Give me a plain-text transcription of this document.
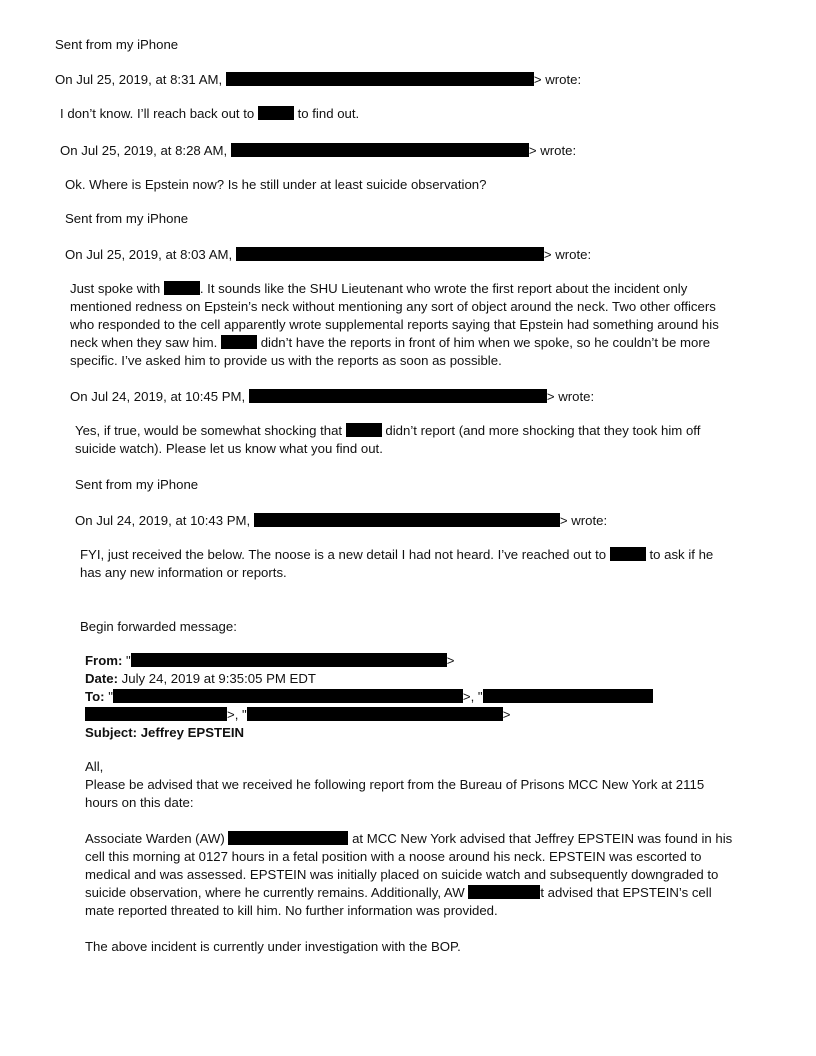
Sent from my iPhone

On Jul 25, 2019, at 8:31 AM,	> wrote:

I don’t know. I’ll reach back out to	to find out.

On Jul 25, 2019, at 8:28 AM,	> wrote:

Ok. Where is Epstein now? Is he still under at least suicide observation?

Sent from my iPhone

On Jul 25, 2019, at 8:03 AM,	> wrote:

Just spoke with	. It sounds like the SHU Lieutenant who wrote the first report about the incident only

mentioned redness on Epstein’s neck without mentioning any sort of object around the neck. Two other officers

who responded to the cell apparently wrote supplemental reports saying that Epstein had something around his

neck when they saw him.	didn’t have the reports in front of him when we spoke, so he couldn’t be more

specific. I’ve asked him to provide us with the reports as soon as possible.

On Jul 24, 2019, at 10:45 PM,	> wrote:

Yes, if true, would be somewhat shocking that	didn’t report (and more shocking that they took him off

suicide watch). Please let us know what you find out.

Sent from my iPhone

On Jul 24, 2019, at 10:43 PM,	> wrote:

FYI, just received the below. The noose is a new detail I had not heard. I’ve reached out to	to ask if he

has any new information or reports.

Begin forwarded message:

From: "	>

Date: July 24, 2019 at 9:35:05 PM EDT

To: "	>, "

>, "	>

Subject: Jeffrey EPSTEIN

All,

Please be advised that we received he following report from the Bureau of Prisons MCC New York at 2115

hours on this date:

Associate Warden (AW)	at MCC New York advised that Jeffrey EPSTEIN was found in his

cell this morning at 0127 hours in a fetal position with a noose around his neck. EPSTEIN was escorted to

medical and was assessed. EPSTEIN was initially placed on suicide watch and subsequently downgraded to

suicide observation, where he currently remains. Additionally, AW	t advised that EPSTEIN’s cell

mate reported threated to kill him. No further information was provided.

The above incident is currently under investigation with the BOP.
